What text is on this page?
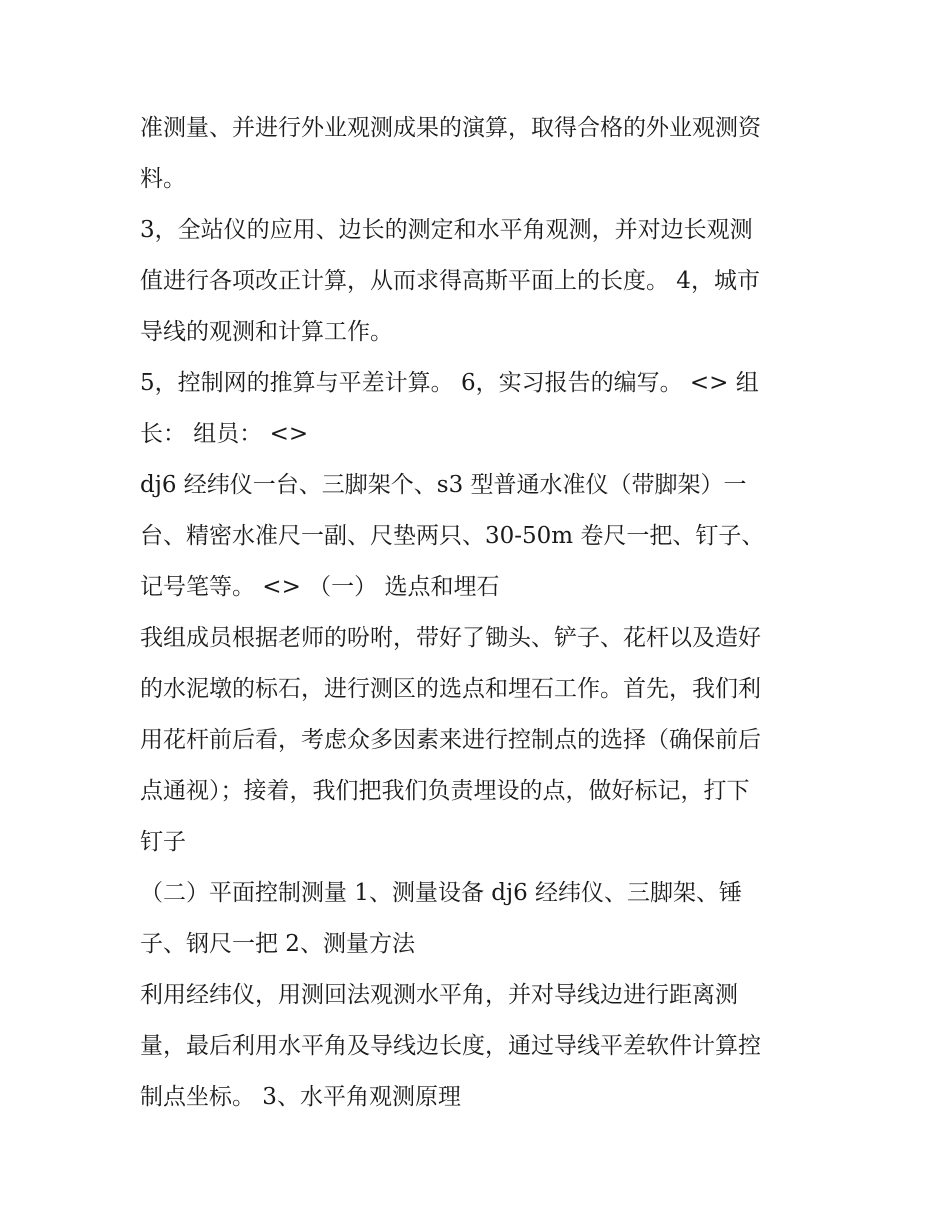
准测量、并进行外业观测成果的演算，取得合格的外业观测资

料。

3，全站仪的应用、边长的测定和水平角观测，并对边长观测

值进行各项改正计算，从而求得高斯平面上的长度。 4，城市

导线的观测和计算工作。

5，控制网的推算与平差计算。 6，实习报告的编写。 <> 组

长： 组员： <>

dj6 经纬仪一台、三脚架个、s3 型普通水准仪（带脚架）一

台、精密水准尺一副、尺垫两只、30-50m 卷尺一把、钉子、

记号笔等。 <> （一） 选点和埋石

我组成员根据老师的吩咐，带好了锄头、铲子、花杆以及造好

的水泥墩的标石，进行测区的选点和埋石工作。首先，我们利

用花杆前后看，考虑众多因素来进行控制点的选择（确保前后

点通视）；接着，我们把我们负责埋设的点，做好标记，打下

钉子

（二）平面控制测量 1、测量设备 dj6 经纬仪、三脚架、锤

子、钢尺一把 2、测量方法

利用经纬仪，用测回法观测水平角，并对导线边进行距离测

量，最后利用水平角及导线边长度，通过导线平差软件计算控

制点坐标。 3、水平角观测原理
